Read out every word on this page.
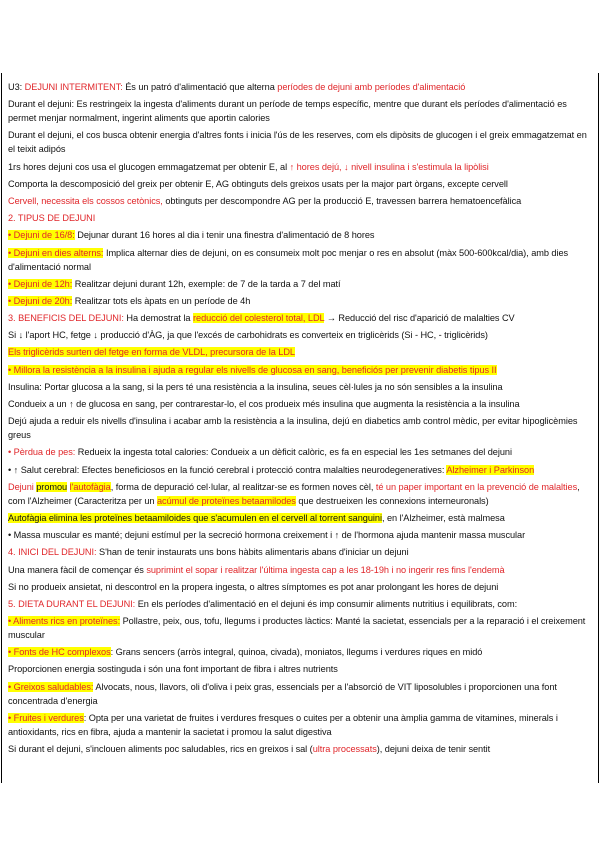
U3: DEJUNI INTERMITENT: És un patró d'alimentació que alterna períodes de dejuni amb períodes d'alimentació

Durant el dejuni: Es restringeix la ingesta d'aliments durant un període de temps específic, mentre que durant els períodes d'alimentació es permet menjar normalment, ingerint aliments que aportin calories

Durant el dejuni, el cos busca obtenir energia d'altres fonts i inicia l'ús de les reserves, com els dipòsits de glucogen i el greix emmagatzemat en el teixit adipós

1rs hores dejuni cos usa el glucogen emmagatzemat per obtenir E, al ↑ hores dejú, ↓ nivell insulina i s'estimula la lipòlisi

Comporta la descomposició del greix per obtenir E, AG obtinguts dels greixos usats per la major part òrgans, excepte cervell

Cervell, necessita els cossos cetònics, obtinguts per descompondre AG per la producció E, travessen barrera hematoencefàlica

2. TIPUS DE DEJUNI

• Dejuni de 16/8: Dejunar durant 16 hores al dia i tenir una finestra d'alimentació de 8 hores

• Dejuni en dies alterns: Implica alternar dies de dejuni, on es consumeix molt poc menjar o res en absolut (màx 500-600kcal/dia), amb dies d'alimentació normal

• Dejuni de 12h: Realitzar dejuni durant 12h, exemple: de 7 de la tarda a 7 del matí

• Dejuni de 20h: Realitzar tots els àpats en un període de 4h

3. BENEFICIS DEL DEJUNI: Ha demostrat la reducció del colesterol total, LDL → Reducció del risc d'aparició de malalties CV

Si ↓ l'aport HC, fetge ↓ producció d'ÀG, ja que l'excés de carbohidrats es converteix en triglicèrids (Si - HC, - triglicèrids)

Els triglicèrids surten del fetge en forma de VLDL, precursora de la LDL

• Millora la resistència a la insulina i ajuda a regular els nivells de glucosa en sang, beneficiós per prevenir diabetis tipus II

Insulina: Portar glucosa a la sang, si la pers té una resistència a la insulina, seues cèl·lules ja no són sensibles a la insulina

Condueix a un ↑ de glucosa en sang, per contrarestar-lo, el cos produeix més insulina que augmenta la resistència a la insulina

Dejú ajuda a reduir els nivells d'insulina i acabar amb la resistència a la insulina, dejú en diabetics amb control mèdic, per evitar hipoglicèmies greus

• Pèrdua de pes: Redueix la ingesta total calories: Condueix a un dèficit calòric, es fa en especial les 1es setmanes del dejuni

• ↑ Salut cerebral: Efectes beneficiosos en la funció cerebral i protecció contra malalties neurodegeneratives: Alzheimer i Parkinson

Dejuni promou l'autofàgia, forma de depuració cel·lular, al realitzar-se es formen noves cèl, té un paper important en la prevenció de malalties, com l'Alzheimer (Caracteritza per un acúmul de proteïnes betaamilodes que destrueixen les connexions interneuronals)

Autofàgia elimina les proteïnes betaamiloides que s'acumulen en el cervell al torrent sanguini, en l'Alzheimer, està malmesa

• Massa muscular es manté; dejuni estímul per la secreció hormona creixement i ↑ de l'hormona ajuda mantenir massa muscular

4. INICI DEL DEJUNI: S'han de tenir instaurats uns bons hàbits alimentaris abans d'iniciar un dejuni

Una manera fàcil de començar és suprimint el sopar i realitzar l'última ingesta cap a les 18-19h i no ingerir res fins l'endemà

Si no produeix ansietat, ni descontrol en la propera ingesta, o altres símptomes es pot anar prolongant les hores de dejuni

5. DIETA DURANT EL DEJUNI: En els períodes d'alimentació en el dejuni és imp consumir aliments nutritius i equilibrats, com:

• Aliments rics en proteïnes: Pollastre, peix, ous, tofu, llegums i productes làctics: Manté la sacietat, essencials per a la reparació i el creixement muscular

• Fonts de HC complexos: Grans sencers (arròs integral, quinoa, civada), moniatos, llegums i verdures riques en midó

Proporcionen energia sostinguda i són una font important de fibra i altres nutrients

• Greixos saludables: Alvocats, nous, llavors, oli d'oliva i peix gras, essencials per a l'absorció de VIT liposolubles i proporcionen una font concentrada d'energia

• Fruites i verdures: Opta per una varietat de fruites i verdures fresques o cuites per a obtenir una àmplia gamma de vitamines, minerals i antioxidants, rics en fibra, ajuda a mantenir la sacietat i promou la salut digestiva

Si durant el dejuni, s'inclouen aliments poc saludables, rics en greixos i sal (ultra processats), dejuni deixa de tenir sentit
